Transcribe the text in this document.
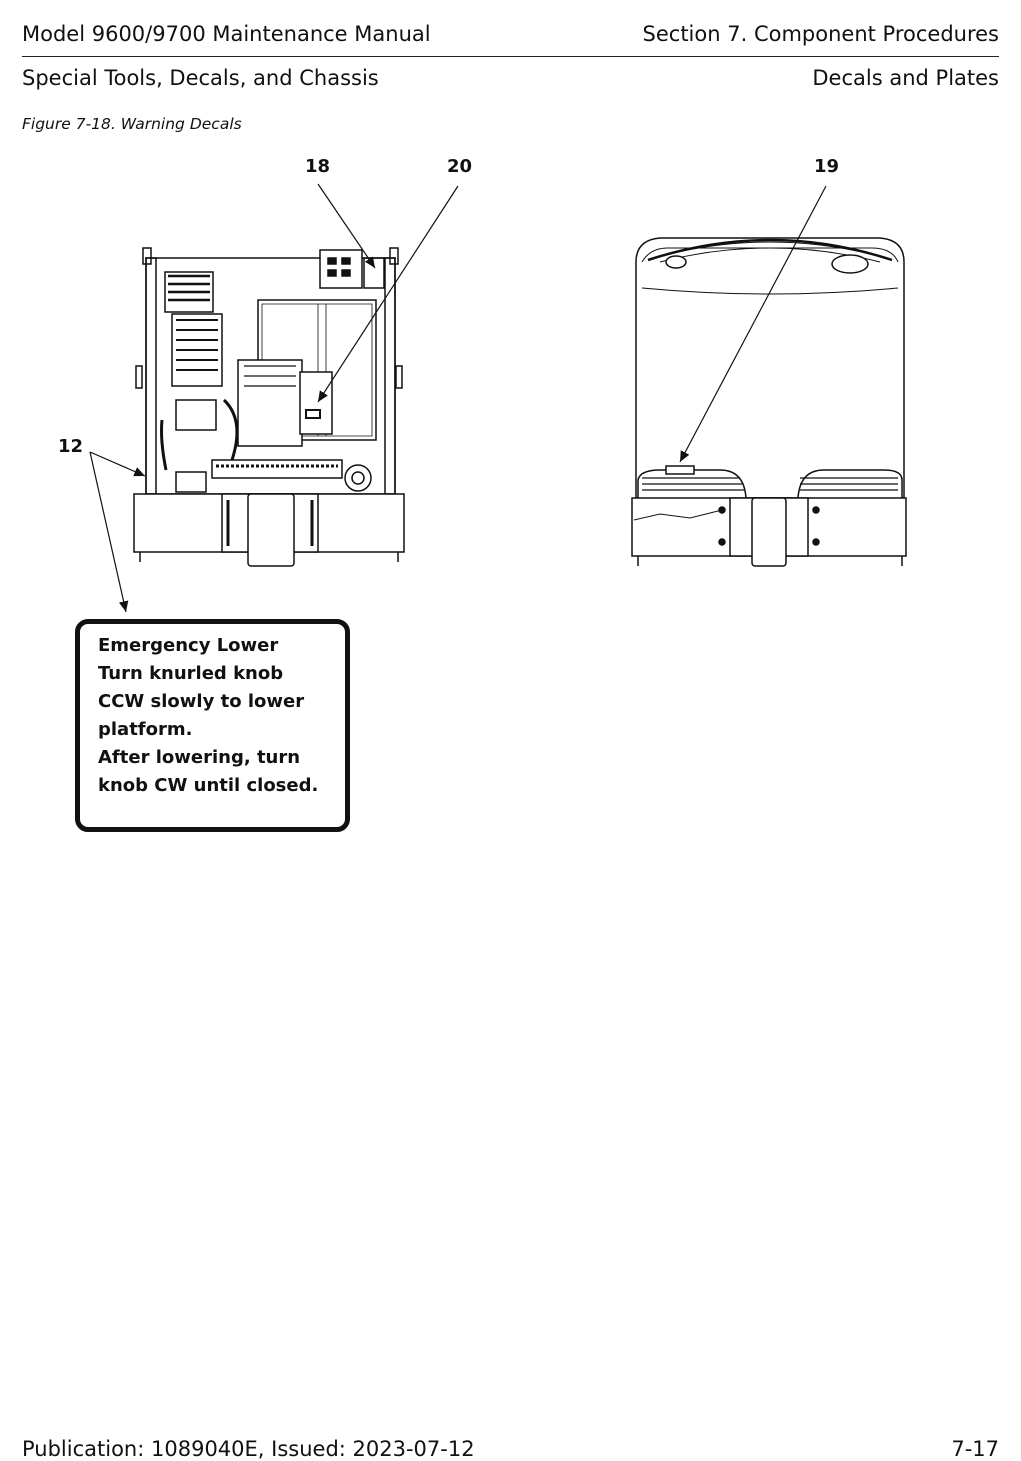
Model 9600/9700 Maintenance Manual	Section 7. Component Procedures
Special Tools, Decals, and Chassis	Decals and Plates
Figure 7-18. Warning Decals
18	20	19
12
Emergency Lower
Turn knurled knob
CCW slowly to lower
platform.
After lowering, turn
knob CW until closed.
Publication: 1089040E, Issued: 2023-07-12	7-17
